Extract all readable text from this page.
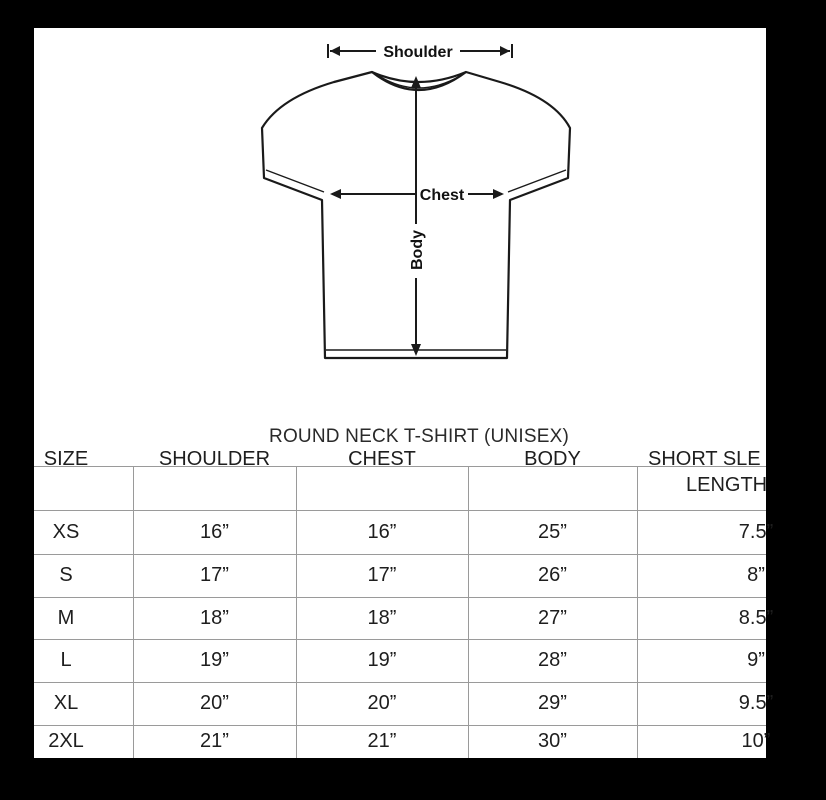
Shoulder
Chest
Body
ROUND NECK T-SHIRT (UNISEX)
SIZE	SHOULDER	CHEST	BODY	SHORT SLE
LENGTH
XS	16”	16”	25”	7.5”
S	17”	17”	26”	8”
M	18”	18”	27”	8.5”
L	19”	19”	28”	9”
XL	20”	20”	29”	9.5”
2XL	21”	21”	30”	10”
